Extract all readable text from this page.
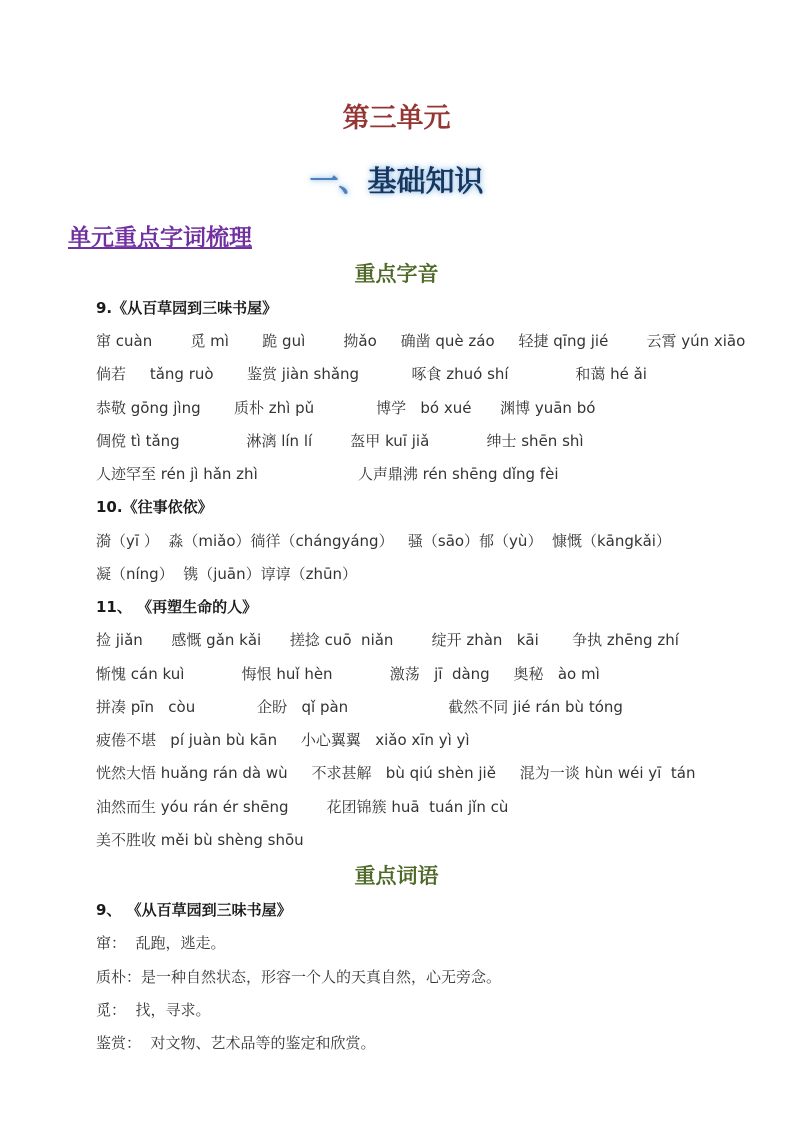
第三单元
一、基础知识
单元重点字词梳理
重点字音

9.《从百草园到三味书屋》

窜 cuàn        觅 mì       跪 guì        拗ǎo     确凿 què záo     轻捷 qīng jié        云霄 yún xiāo

倘若     tǎng ruò       鉴赏 jiàn shǎng           啄食 zhuó shí              和蔼 hé ǎi

恭敬 gōng jìng       质朴 zhì pǔ             博学   bó xué      渊博 yuān bó

倜傥 tì tǎng              淋漓 lín lí        盔甲 kuī jiǎ            绅士 shēn shì

人迹罕至 rén jì hǎn zhì                     人声鼎沸 rén shēng dǐng fèi

10.《往事依依》

漪（yī ）  淼（miǎo）徜徉（chángyáng）   骚（sāo）郁（yù）  慷慨（kāngkǎi）

凝（níng）  镌（juān）谆谆（zhūn）

11、 《再塑生命的人》

捡 jiǎn      感慨 gǎn kǎi      搓捻 cuō  niǎn        绽开 zhàn   kāi       争执 zhēng zhí

惭愧 cán kuì            悔恨 huǐ hèn            激荡   jī  dàng     奥秘   ào mì

拼凑 pīn   còu             企盼   qǐ pàn                     截然不同 jié rán bù tóng

疲倦不堪   pí juàn bù kān     小心翼翼   xiǎo xīn yì yì

恍然大悟 huǎng rán dà wù     不求甚解   bù qiú shèn jiě     混为一谈 hùn wéi yī  tán

油然而生 yóu rán ér shēng        花团锦簇 huā  tuán jǐn cù

美不胜收 měi bù shèng shōu

重点词语

9、 《从百草园到三味书屋》

窜：  乱跑，逃走。

质朴：是一种自然状态，形容一个人的天真自然，心无旁念。

觅：  找，寻求。

鉴赏：  对文物、艺术品等的鉴定和欣赏。
